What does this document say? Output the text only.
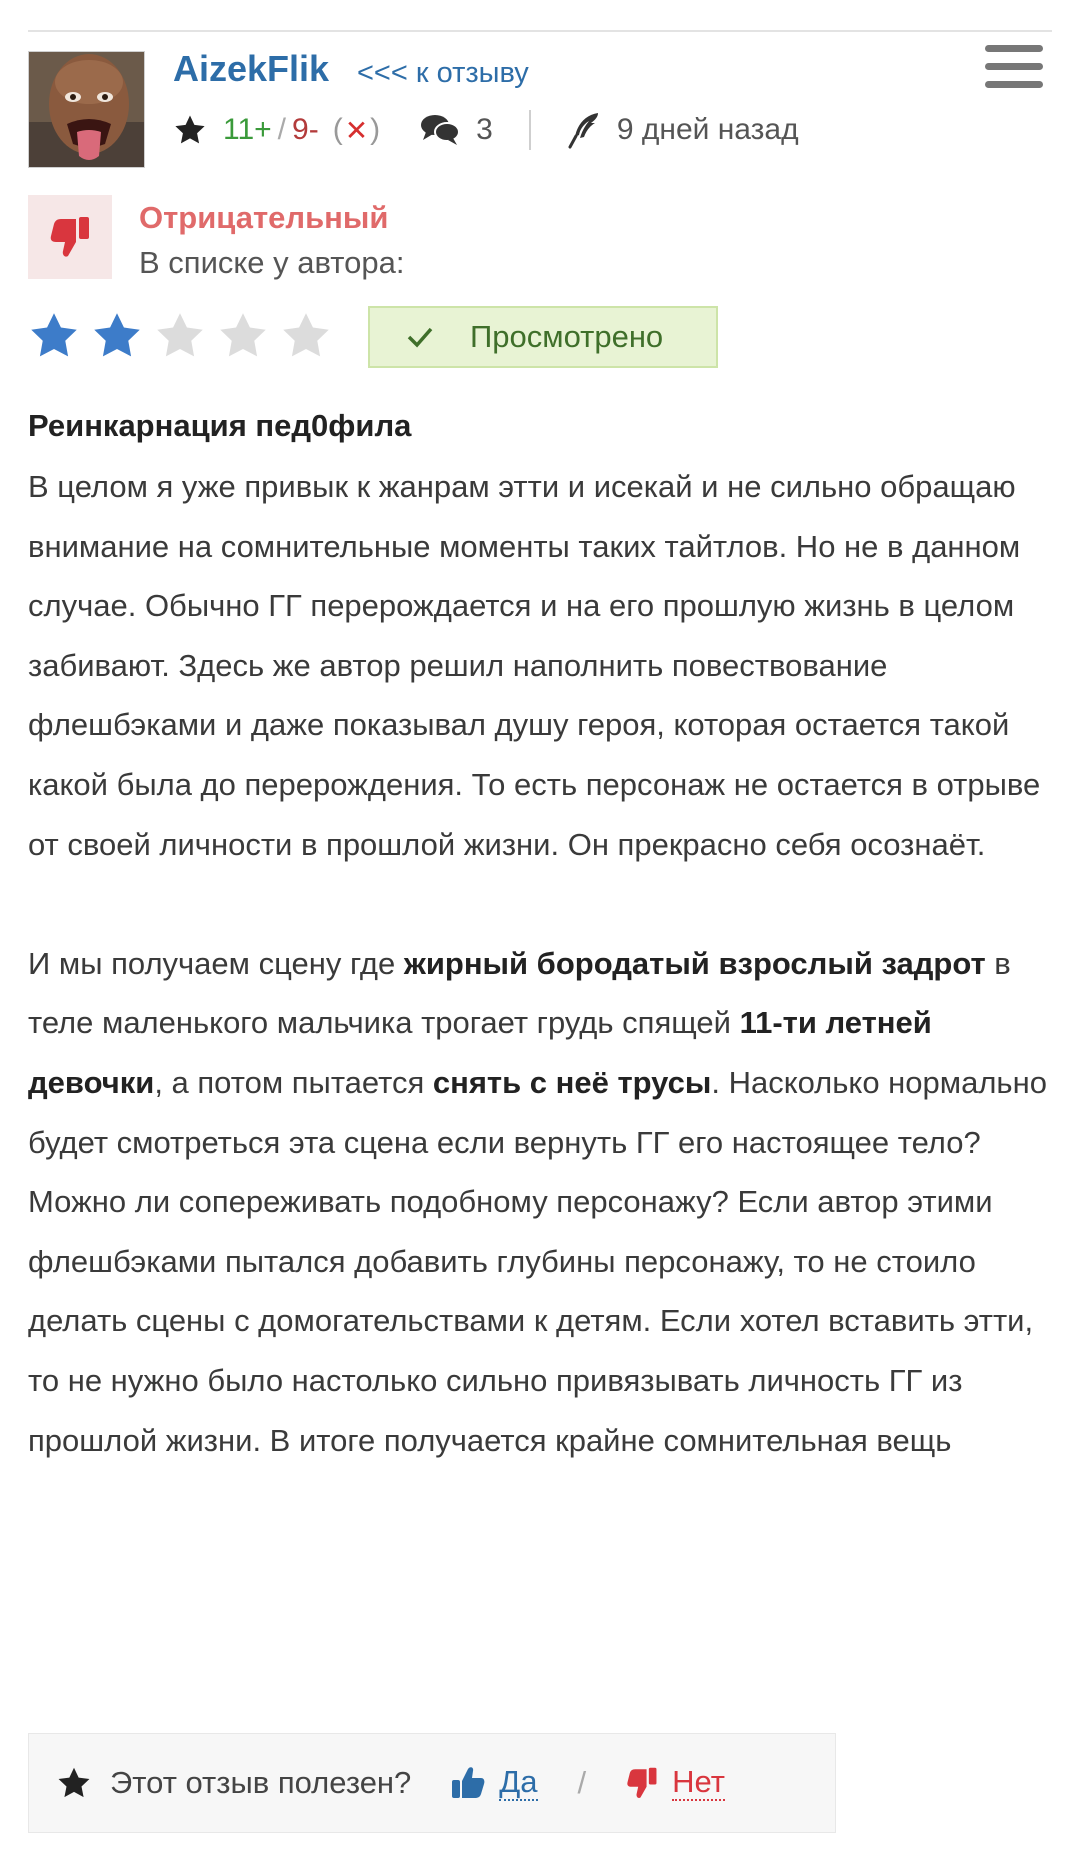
AizekFlik <<< к отзыву
11+ / 9- ( ✕ )	3	9 дней назад
Отрицательный
В списке у автора:
Просмотрено
Реинкарнация пед0фила

В целом я уже привык к жанрам этти и исекай и не сильно обращаю внимание на сомнительные моменты таких тайтлов. Но не в данном случае. Обычно ГГ перерождается и на его прошлую жизнь в целом забивают. Здесь же автор решил наполнить повествование флешбэками и даже показывал душу героя, которая остается такой какой была до перерождения. То есть персонаж не остается в отрыве от своей личности в прошлой жизни. Он прекрасно себя осознаёт.

И мы получаем сцену где жирный бородатый взрослый задрот в теле маленького мальчика трогает грудь спящей 11-ти летней девочки, а потом пытается снять с неё трусы. Насколько нормально будет смотреться эта сцена если вернуть ГГ его настоящее тело? Можно ли сопереживать подобному персонажу? Если автор этими флешбэками пытался добавить глубины персонажу, то не стоило делать сцены с домогательствами к детям. Если хотел вставить этти, то не нужно было настолько сильно привязывать личность ГГ из прошлой жизни. В итоге получается крайне сомнительная вещь

Этот отзыв полезен?	Да /	Нет
